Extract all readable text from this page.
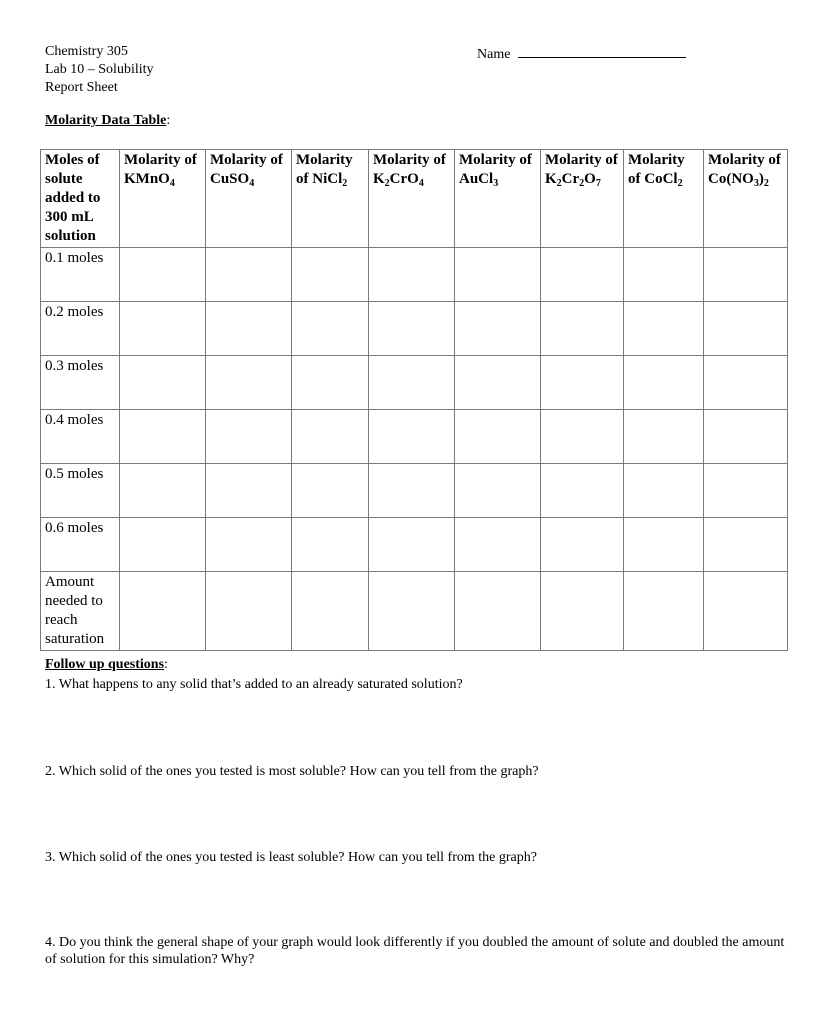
Chemistry 305
Lab 10 – Solubility
Report Sheet
Name
Molarity Data Table:
Moles of solute added to 300 mL solution	Molarity of KMnO$_4$	Molarity of CuSO$_4$	Molarity of NiCl$_2$	Molarity of $K_2CrO_4$	Molarity of AuCl$_3$	Molarity of $K_2Cr_2O_7$	Molarity of CoCl$_2$	Molarity of $Co(NO_3)_2$
0.1 moles								
0.2 moles								
0.3 moles								
0.4 moles								
0.5 moles								
0.6 moles								
Amount needed to reach saturation								
Follow up questions:
1. What happens to any solid that’s added to an already saturated solution?
2. Which solid of the ones you tested is most soluble? How can you tell from the graph?
3. Which solid of the ones you tested is least soluble? How can you tell from the graph?
4. Do you think the general shape of your graph would look differently if you doubled the amount of solute and doubled the amount of solution for this simulation? Why?
